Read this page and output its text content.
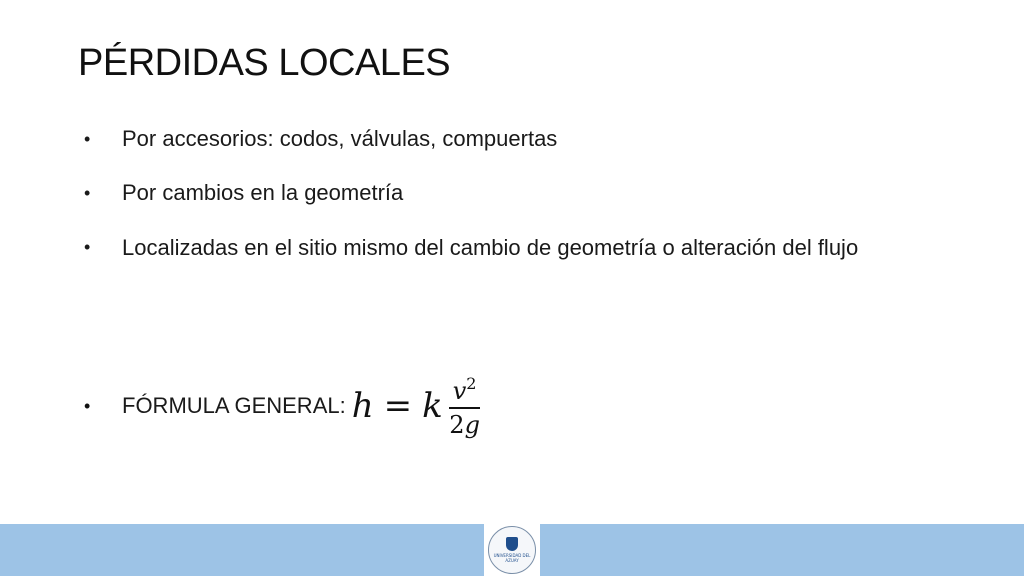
PÉRDIDAS LOCALES
• Por accesorios: codos, válvulas, compuertas
• Por cambios en la geometría
• Localizadas en el sitio mismo del cambio de geometría o alteración del flujo
•	FÓRMULA GENERAL: h = k $\frac{v^2}{2g}$
UNIVERSIDAD DEL
AZUAY
